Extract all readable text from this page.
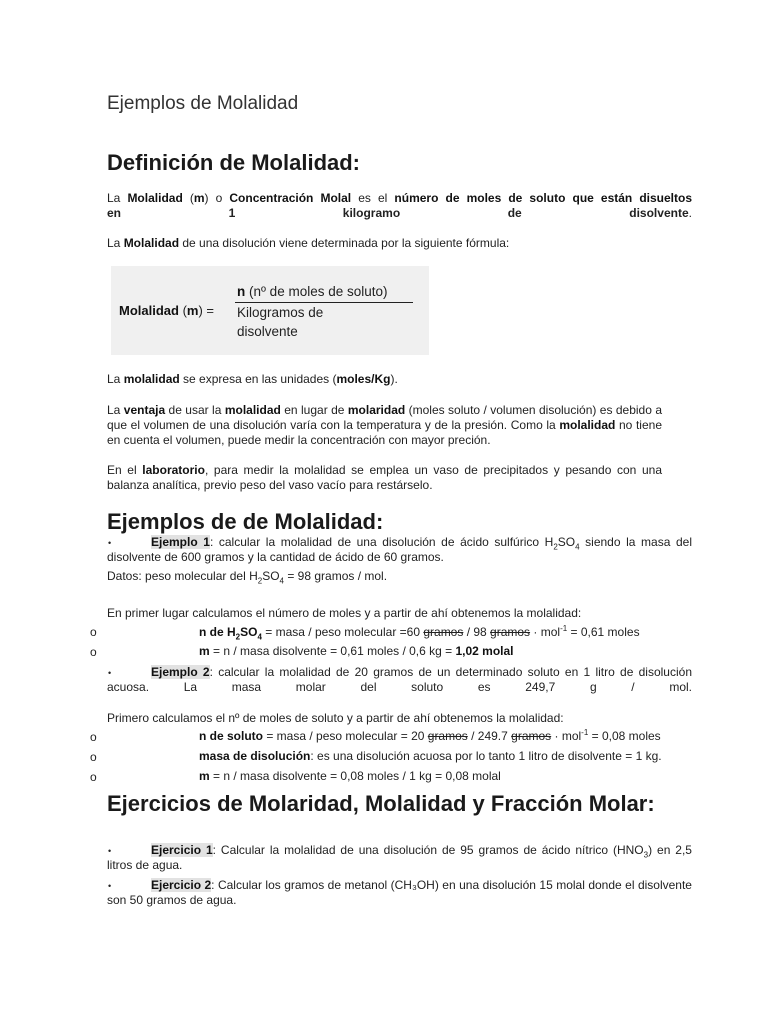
Ejemplos de Molalidad
Definición de Molalidad:
La Molalidad (m) o Concentración Molal es el número de moles de soluto que están disueltos
en	1	kilogramo	de	disolvente.
La Molalidad de una disolución viene determinada por la siguiente fórmula:
Molalidad (m) =
n (nº de moles de soluto)
Kilogramos de disolvente
La molalidad se expresa en las unidades (moles/Kg).
La ventaja de usar la molalidad en lugar de molaridad (moles soluto / volumen disolución) es debido a que el volumen de una disolución varía con la temperatura y de la presión. Como la molalidad no tiene en cuenta el volumen, puede medir la concentración con mayor preción.
En el laboratorio, para medir la molalidad se emplea un vaso de precipitados y pesando con una balanza analítica, previo peso del vaso vacío para restárselo.
Ejemplos de de Molalidad:
•	Ejemplo 1: calcular la molalidad de una disolución de ácido sulfúrico $H_2SO_4$ siendo la masa del disolvente de 600 gramos y la cantidad de ácido de 60 gramos.
Datos: peso molecular del $H_2SO_4 = 98$ gramos / mol.
En primer lugar calculamos el número de moles y a partir de ahí obtenemos la molalidad:
o	n de $H_2SO_4$ = masa / peso molecular =60 gramos / 98 gramos · mol$^{-1}$ = 0,61 moles
o	m = n / masa disolvente = 0,61 moles / 0,6 kg = 1,02 molal
•	Ejemplo 2: calcular la molalidad de 20 gramos de un determinado soluto en 1 litro de disolución acuosa. La masa molar del soluto es 249,7 g / mol.
Primero calculamos el nº de moles de soluto y a partir de ahí obtenemos la molalidad:
o	n de soluto = masa / peso molecular = 20 gramos / 249.7 gramos · mol$^{-1}$ = 0,08 moles
o	masa de disolución: es una disolución acuosa por lo tanto 1 litro de disolvente = 1 kg.
o	m = n / masa disolvente = 0,08 moles / 1 kg = 0,08 molal
Ejercicios de Molaridad, Molalidad y Fracción Molar:
•	Ejercicio 1: Calcular la molalidad de una disolución de 95 gramos de ácido nítrico $(HNO_3)$ en 2,5 litros de agua.
•	Ejercicio 2: Calcular los gramos de metanol (CH₃OH) en una disolución 15 molal donde el disolvente son 50 gramos de agua.
